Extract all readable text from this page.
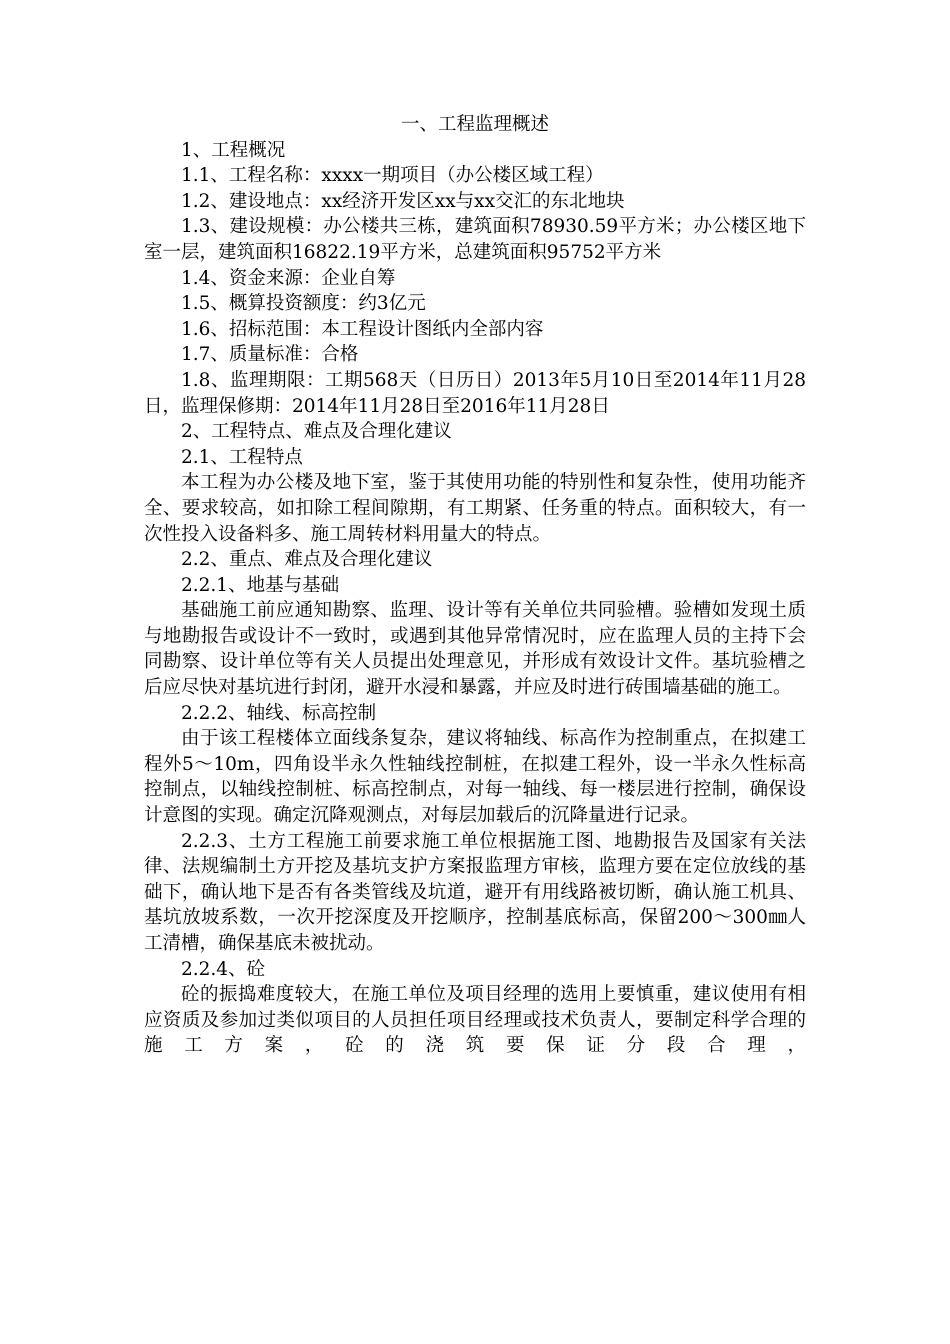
一、工程监理概述

1、工程概况

1.1、工程名称：xxxx一期项目（办公楼区域工程）

1.2、建设地点：xx经济开发区xx与xx交汇的东北地块

1.3、建设规模：办公楼共三栋，建筑面积78930.59平方米；办公楼区地下室一层，建筑面积16822.19平方米，总建筑面积95752平方米

1.4、资金来源：企业自筹

1.5、概算投资额度：约3亿元

1.6、招标范围：本工程设计图纸内全部内容

1.7、质量标准：合格

1.8、监理期限：工期568天（日历日）2013年5月10日至2014年11月28日，监理保修期：2014年11月28日至2016年11月28日

2、工程特点、难点及合理化建议

2.1、工程特点

本工程为办公楼及地下室，鉴于其使用功能的特别性和复杂性，使用功能齐全、要求较高，如扣除工程间隙期，有工期紧、任务重的特点。面积较大，有一次性投入设备料多、施工周转材料用量大的特点。

2.2、重点、难点及合理化建议

2.2.1、地基与基础

基础施工前应通知勘察、监理、设计等有关单位共同验槽。验槽如发现土质与地勘报告或设计不一致时，或遇到其他异常情况时，应在监理人员的主持下会同勘察、设计单位等有关人员提出处理意见，并形成有效设计文件。基坑验槽之后应尽快对基坑进行封闭，避开水浸和暴露，并应及时进行砖围墙基础的施工。

2.2.2、轴线、标高控制

由于该工程楼体立面线条复杂，建议将轴线、标高作为控制重点，在拟建工程外5～10m，四角设半永久性轴线控制桩，在拟建工程外，设一半永久性标高控制点，以轴线控制桩、标高控制点，对每一轴线、每一楼层进行控制，确保设计意图的实现。确定沉降观测点，对每层加载后的沉降量进行记录。

2.2.3、土方工程施工前要求施工单位根据施工图、地勘报告及国家有关法律、法规编制土方开挖及基坑支护方案报监理方审核，监理方要在定位放线的基础下，确认地下是否有各类管线及坑道，避开有用线路被切断，确认施工机具、基坑放坡系数，一次开挖深度及开挖顺序，控制基底标高，保留200～300㎜人工清槽，确保基底未被扰动。

2.2.4、砼

砼的振捣难度较大，在施工单位及项目经理的选用上要慎重，建议使用有相应资质及参加过类似项目的人员担任项目经理或技术负责人，要制定科学合理的施工方案，砼的浇筑要保证分段合理，
